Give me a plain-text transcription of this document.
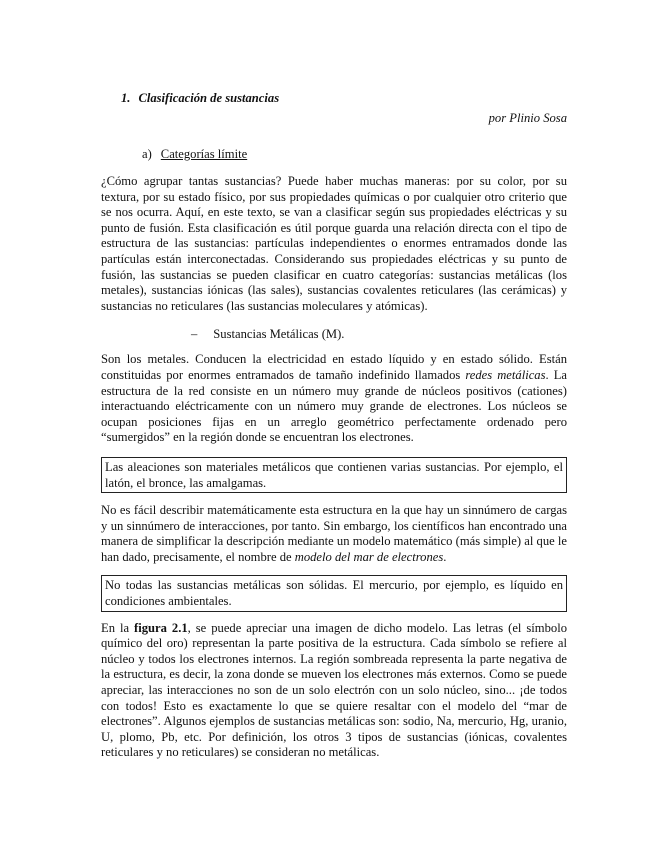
1. Clasificación de sustancias
por Plinio Sosa
a) Categorías límite

¿Cómo agrupar tantas sustancias? Puede haber muchas maneras: por su color, por su textura, por su estado físico, por sus propiedades químicas o por cualquier otro criterio que se nos ocurra. Aquí, en este texto, se van a clasificar según sus propiedades eléctricas y su punto de fusión. Esta clasificación es útil porque guarda una relación directa con el tipo de estructura de las sustancias: partículas independientes o enormes entramados donde las partículas están interconectadas. Considerando sus propiedades eléctricas y su punto de fusión, las sustancias se pueden clasificar en cuatro categorías: sustancias metálicas (los metales), sustancias iónicas (las sales), sustancias covalentes reticulares (las cerámicas) y sustancias no reticulares (las sustancias moleculares y atómicas).

– Sustancias Metálicas (M).

Son los metales. Conducen la electricidad en estado líquido y en estado sólido. Están constituidas por enormes entramados de tamaño indefinido llamados redes metálicas. La estructura de la red consiste en un número muy grande de núcleos positivos (cationes) interactuando eléctricamente con un número muy grande de electrones. Los núcleos se ocupan posiciones fijas en un arreglo geométrico perfectamente ordenado pero “sumergidos” en la región donde se encuentran los electrones.

Las aleaciones son materiales metálicos que contienen varias sustancias. Por ejemplo, el latón, el bronce, las amalgamas.

No es fácil describir matemáticamente esta estructura en la que hay un sinnúmero de cargas y un sinnúmero de interacciones, por tanto. Sin embargo, los científicos han encontrado una manera de simplificar la descripción mediante un modelo matemático (más simple) al que le han dado, precisamente, el nombre de modelo del mar de electrones.

No todas las sustancias metálicas son sólidas. El mercurio, por ejemplo, es líquido en condiciones ambientales.

En la figura 2.1, se puede apreciar una imagen de dicho modelo. Las letras (el símbolo químico del oro) representan la parte positiva de la estructura. Cada símbolo se refiere al núcleo y todos los electrones internos. La región sombreada representa la parte negativa de la estructura, es decir, la zona donde se mueven los electrones más externos. Como se puede apreciar, las interacciones no son de un solo electrón con un solo núcleo, sino... ¡de todos con todos! Esto es exactamente lo que se quiere resaltar con el modelo del “mar de electrones”. Algunos ejemplos de sustancias metálicas son: sodio, Na, mercurio, Hg, uranio, U, plomo, Pb, etc. Por definición, los otros 3 tipos de sustancias (iónicas, covalentes reticulares y no reticulares) se consideran no metálicas.
